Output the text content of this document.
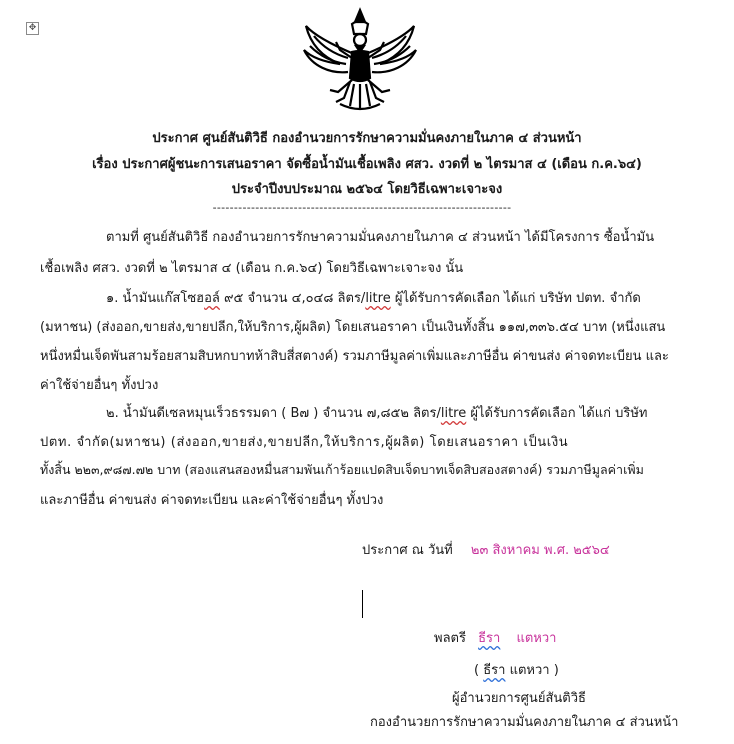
✥
ประกาศ ศูนย์สันติวิธี กองอำนวยการรักษาความมั่นคงภายในภาค ๔ ส่วนหน้า
เรื่อง ประกาศผู้ชนะการเสนอราคา จัดซื้อน้ำมันเชื้อเพลิง ศสว. งวดที่ ๒ ไตรมาส ๔ (เดือน ก.ค.๖๔)
ประจำปีงบประมาณ ๒๕๖๔ โดยวิธีเฉพาะเจาะจง
----------------------------------------------------------------------
ตามที่ ศูนย์สันติวิธี กองอำนวยการรักษาความมั่นคงภายในภาค ๔ ส่วนหน้า ได้มีโครงการ ซื้อน้ำมัน
เชื้อเพลิง ศสว. งวดที่ ๒ ไตรมาส ๔ (เดือน ก.ค.๖๔) โดยวิธีเฉพาะเจาะจง นั้น
๑. น้ำมันแก๊สโซฮอล์ ๙๕ จำนวน ๔,๐๔๘ ลิตร/litre ผู้ได้รับการคัดเลือก ได้แก่ บริษัท ปตท. จำกัด
(มหาชน) (ส่งออก,ขายส่ง,ขายปลีก,ให้บริการ,ผู้ผลิต) โดยเสนอราคา เป็นเงินทั้งสิ้น ๑๑๗,๓๓๖.๕๔ บาท (หนึ่งแสน
หนึ่งหมื่นเจ็ดพันสามร้อยสามสิบหกบาทห้าสิบสี่สตางค์) รวมภาษีมูลค่าเพิ่มและภาษีอื่น ค่าขนส่ง ค่าจดทะเบียน และ
ค่าใช้จ่ายอื่นๆ ทั้งปวง
๒. น้ำมันดีเซลหมุนเร็วธรรมดา ( B๗ ) จำนวน ๗,๘๕๒ ลิตร/litre ผู้ได้รับการคัดเลือก ได้แก่ บริษัท
ปตท. จำกัด(มหาชน) (ส่งออก,ขายส่ง,ขายปลีก,ให้บริการ,ผู้ผลิต) โดยเสนอราคา เป็นเงิน
ทั้งสิ้น ๒๒๓,๙๘๗.๗๒ บาท (สองแสนสองหมื่นสามพันเก้าร้อยแปดสิบเจ็ดบาทเจ็ดสิบสองสตางค์) รวมภาษีมูลค่าเพิ่ม
และภาษีอื่น ค่าขนส่ง ค่าจดทะเบียน และค่าใช้จ่ายอื่นๆ ทั้งปวง
ประกาศ ณ วันที่ ๒๓ สิงหาคม พ.ศ. ๒๕๖๔
พลตรี ธีรา แตหวา
( ธีรา แตหวา )
ผู้อำนวยการศูนย์สันติวิธี
กองอำนวยการรักษาความมั่นคงภายในภาค ๔ ส่วนหน้า
